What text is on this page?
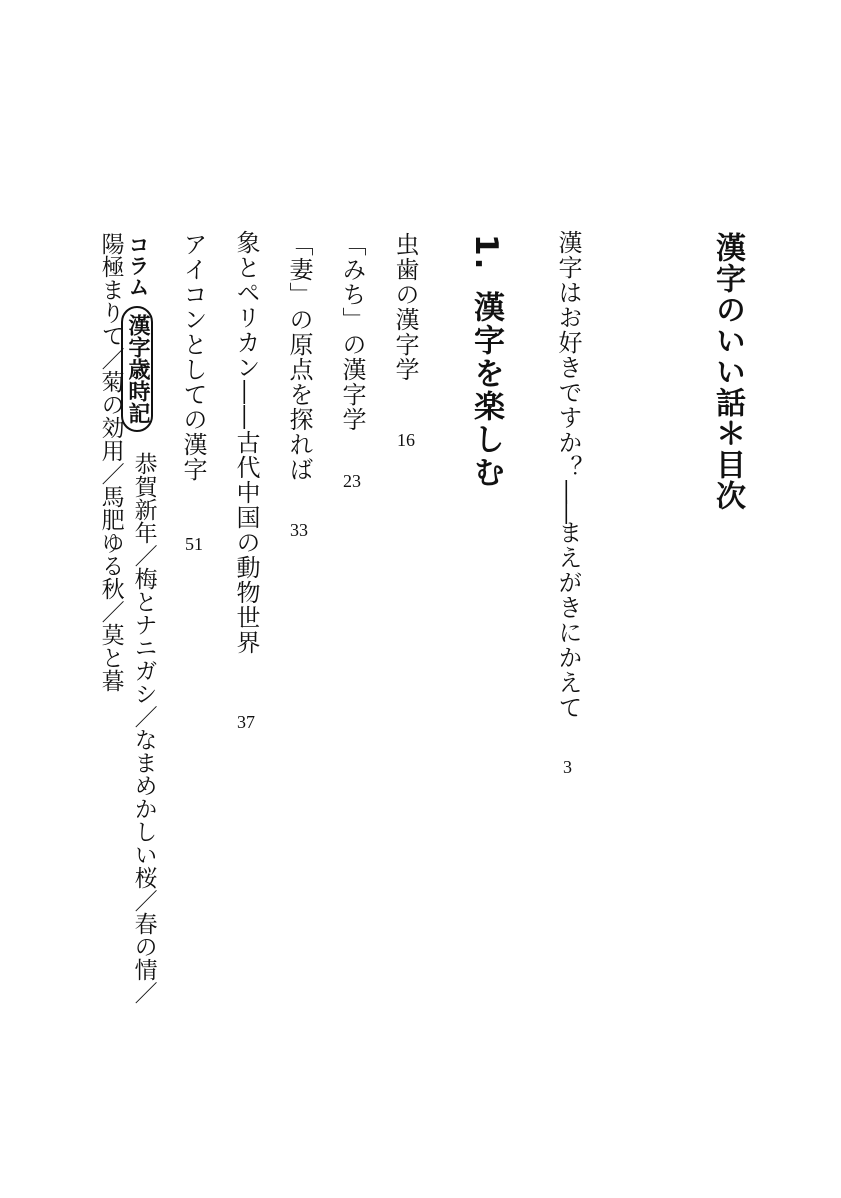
漢字のいい話＊目次
漢字はお好きですか？――まえがきにかえて
3
1.漢字を楽しむ
虫歯の漢字学
16
「みち」の漢字学
23
「妻」の原点を探れば
33
象とペリカン――古代中国の動物世界
37
アイコンとしての漢字
51
コラム
漢字歳時記
恭賀新年／梅とナニガシ／なまめかしい桜／春の情／
陽極まりて／菊の効用／馬肥ゆる秋／莫と暮
